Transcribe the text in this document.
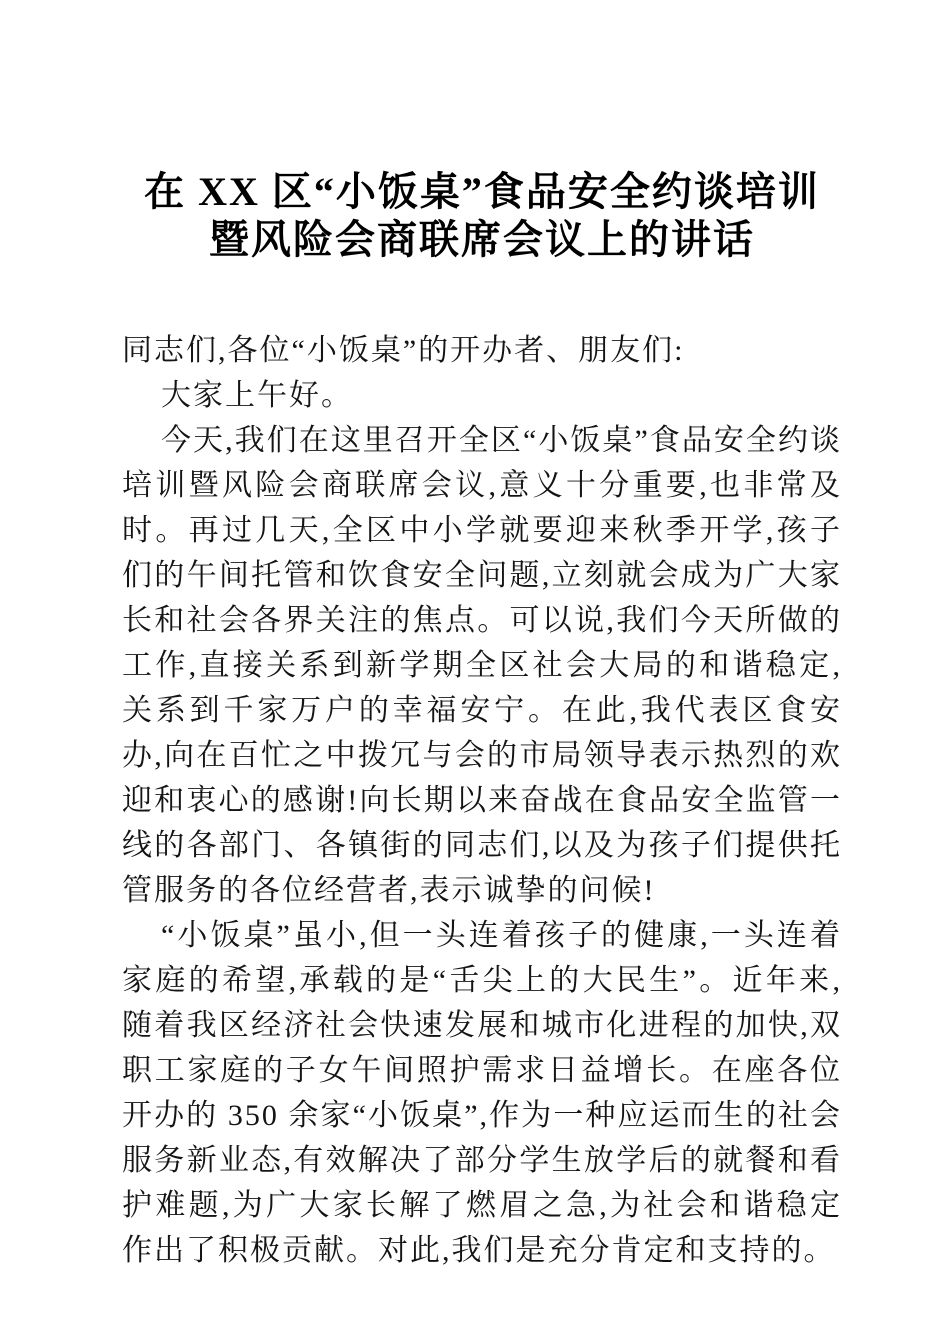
在 XX 区“小饭桌”食品安全约谈培训
暨风险会商联席会议上的讲话

同志们,各位“小饭桌”的开办者、朋友们:

大家上午好。

今天,我们在这里召开全区“小饭桌”食品安全约谈培训暨风险会商联席会议,意义十分重要,也非常及时。再过几天,全区中小学就要迎来秋季开学,孩子们的午间托管和饮食安全问题,立刻就会成为广大家长和社会各界关注的焦点。可以说,我们今天所做的工作,直接关系到新学期全区社会大局的和谐稳定,关系到千家万户的幸福安宁。在此,我代表区食安办,向在百忙之中拨冗与会的市局领导表示热烈的欢迎和衷心的感谢!向长期以来奋战在食品安全监管一线的各部门、各镇街的同志们,以及为孩子们提供托管服务的各位经营者,表示诚挚的问候!

“小饭桌”虽小,但一头连着孩子的健康,一头连着家庭的希望,承载的是“舌尖上的大民生”。近年来,随着我区经济社会快速发展和城市化进程的加快,双职工家庭的子女午间照护需求日益增长。在座各位开办的 350 余家“小饭桌”,作为一种应运而生的社会服务新业态,有效解决了部分学生放学后的就餐和看护难题,为广大家长解了燃眉之急,为社会和谐稳定作出了积极贡献。对此,我们是充分肯定和支持的。
